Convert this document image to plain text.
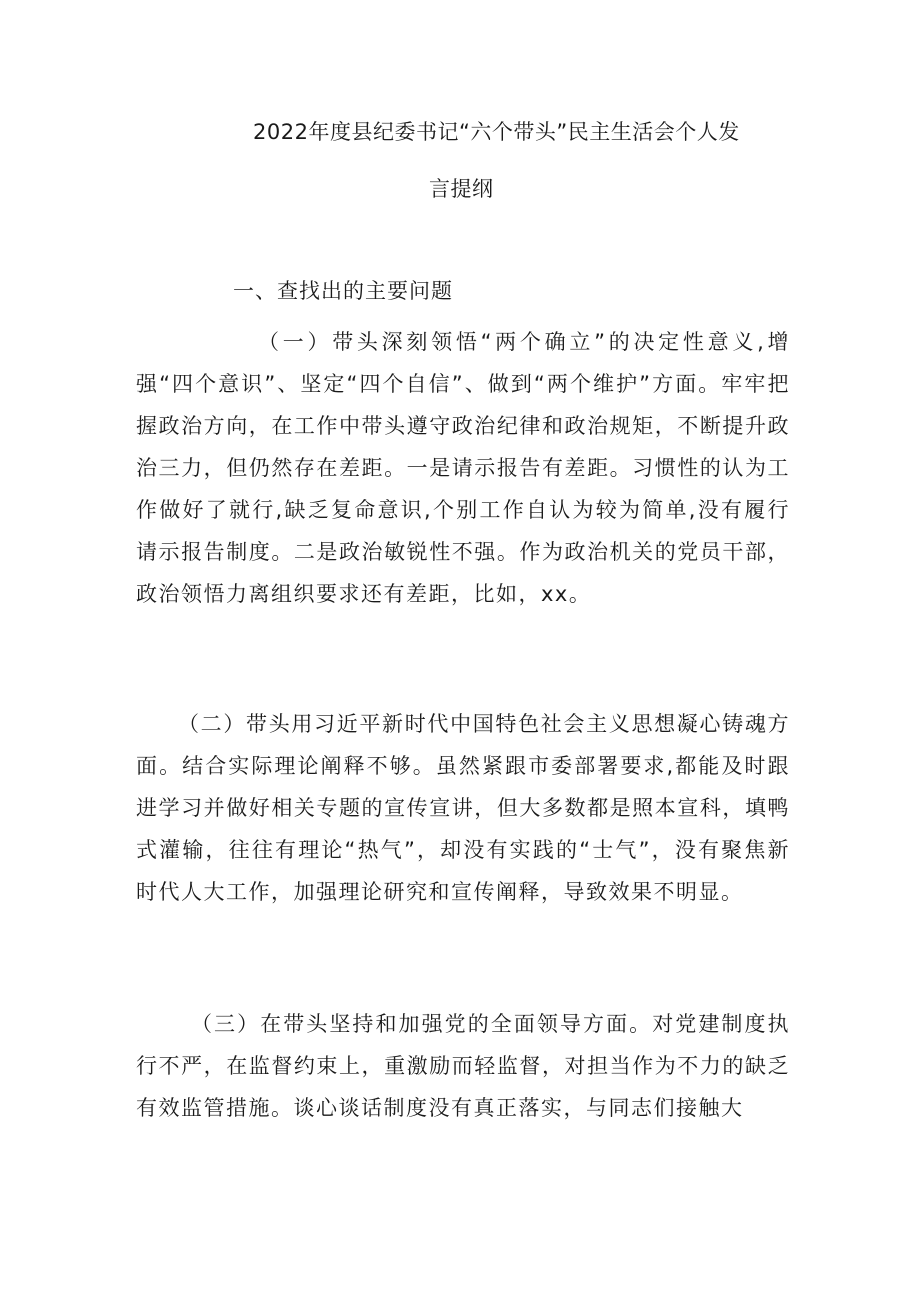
2022年度县纪委书记“六个带头”民主生活会个人发
言提纲
一、查找出的主要问题

（一）带头深刻领悟“两个确立”的决定性意义,增强“四个意识”、坚定“四个自信”、做到“两个维护”方面。牢牢把握政治方向，在工作中带头遵守政治纪律和政治规矩，不断提升政治三力，但仍然存在差距。一是请示报告有差距。习惯性的认为工作做好了就行,缺乏复命意识,个别工作自认为较为简单,没有履行请示报告制度。二是政治敏锐性不强。作为政治机关的党员干部，政治领悟力离组织要求还有差距，比如，xx。

（二）带头用习近平新时代中国特色社会主义思想凝心铸魂方面。结合实际理论阐释不够。虽然紧跟市委部署要求,都能及时跟进学习并做好相关专题的宣传宣讲，但大多数都是照本宣科，填鸭式灌输，往往有理论“热气”，却没有实践的“士气”，没有聚焦新时代人大工作，加强理论研究和宣传阐释，导致效果不明显。

（三）在带头坚持和加强党的全面领导方面。对党建制度执行不严，在监督约束上，重激励而轻监督，对担当作为不力的缺乏有效监管措施。谈心谈话制度没有真正落实，与同志们接触大
